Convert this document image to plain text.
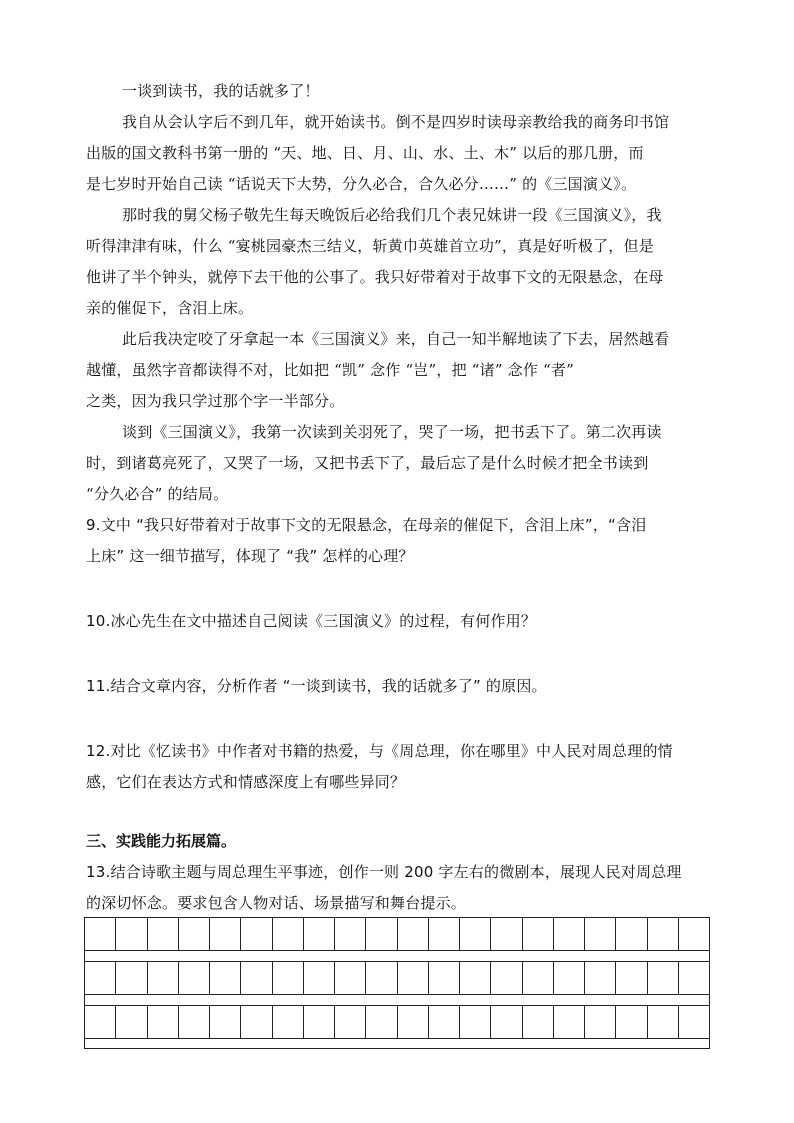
一谈到读书，我的话就多了！
我自从会认字后不到几年，就开始读书。倒不是四岁时读母亲教给我的商务印书馆
出版的国文教科书第一册的 “天、地、日、月、山、水、土、木” 以后的那几册，而
是七岁时开始自己读 “话说天下大势，分久必合，合久必分……” 的《三国演义》。
那时我的舅父杨子敬先生每天晚饭后必给我们几个表兄妹讲一段《三国演义》，我
听得津津有味，什么 “宴桃园豪杰三结义，斩黄巾英雄首立功”，真是好听极了，但是
他讲了半个钟头，就停下去干他的公事了。我只好带着对于故事下文的无限悬念，在母
亲的催促下，含泪上床。
此后我决定咬了牙拿起一本《三国演义》来，自己一知半解地读了下去，居然越看
越懂，虽然字音都读得不对，比如把 “凯” 念作 “岂”，把 “诸” 念作 “者”
之类，因为我只学过那个字一半部分。
谈到《三国演义》，我第一次读到关羽死了，哭了一场，把书丢下了。第二次再读
时，到诸葛亮死了，又哭了一场，又把书丢下了，最后忘了是什么时候才把全书读到
“分久必合” 的结局。
9.文中 “我只好带着对于故事下文的无限悬念，在母亲的催促下，含泪上床”，“含泪
上床” 这一细节描写，体现了 “我” 怎样的心理？
10.冰心先生在文中描述自己阅读《三国演义》的过程，有何作用？
11.结合文章内容，分析作者 “一谈到读书，我的话就多了” 的原因。
12.对比《忆读书》中作者对书籍的热爱，与《周总理，你在哪里》中人民对周总理的情
感，它们在表达方式和情感深度上有哪些异同？
三、实践能力拓展篇。
13.结合诗歌主题与周总理生平事迹，创作一则 200 字左右的微剧本，展现人民对周总理
的深切怀念。要求包含人物对话、场景描写和舞台提示。
